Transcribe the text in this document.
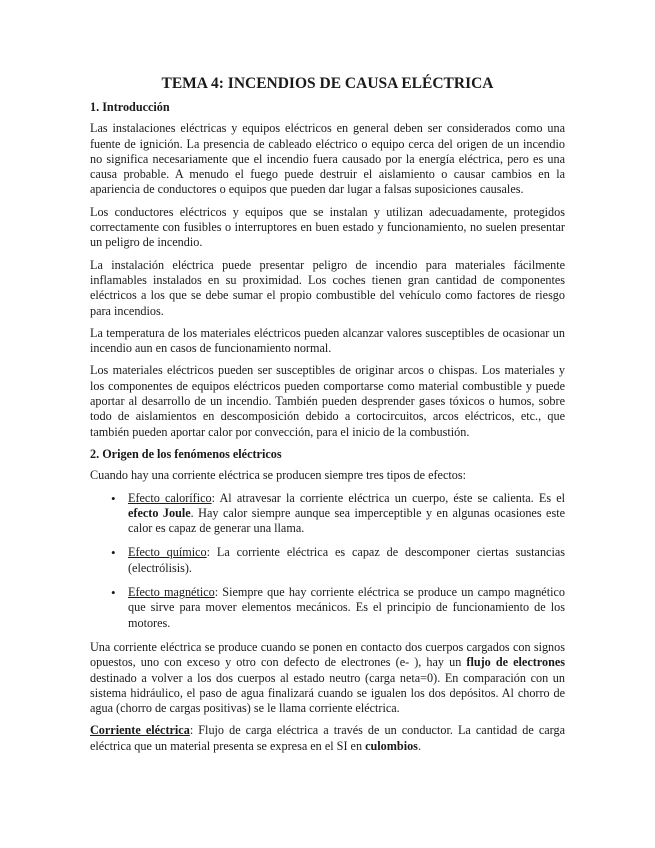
TEMA 4: INCENDIOS DE CAUSA ELÉCTRICA
1. Introducción

Las instalaciones eléctricas y equipos eléctricos en general deben ser considerados como una fuente de ignición. La presencia de cableado eléctrico o equipo cerca del origen de un incendio no significa necesariamente que el incendio fuera causado por la energía eléctrica, pero es una causa probable. A menudo el fuego puede destruir el aislamiento o causar cambios en la apariencia de conductores o equipos que pueden dar lugar a falsas suposiciones causales.

Los conductores eléctricos y equipos que se instalan y utilizan adecuadamente, protegidos correctamente con fusibles o interruptores en buen estado y funcionamiento, no suelen presentar un peligro de incendio.

La instalación eléctrica puede presentar peligro de incendio para materiales fácilmente inflamables instalados en su proximidad. Los coches tienen gran cantidad de componentes eléctricos a los que se debe sumar el propio combustible del vehículo como factores de riesgo para incendios.

La temperatura de los materiales eléctricos pueden alcanzar valores susceptibles de ocasionar un incendio aun en casos de funcionamiento normal.

Los materiales eléctricos pueden ser susceptibles de originar arcos o chispas. Los materiales y los componentes de equipos eléctricos pueden comportarse como material combustible y puede aportar al desarrollo de un incendio. También pueden desprender gases tóxicos o humos, sobre todo de aislamientos en descomposición debido a cortocircuitos, arcos eléctricos, etc., que también pueden aportar calor por convección, para el inicio de la combustión.

2. Origen de los fenómenos eléctricos

Cuando hay una corriente eléctrica se producen siempre tres tipos de efectos:

• Efecto calorífico: Al atravesar la corriente eléctrica un cuerpo, éste se calienta. Es el efecto Joule. Hay calor siempre aunque sea imperceptible y en algunas ocasiones este calor es capaz de generar una llama.
• Efecto químico: La corriente eléctrica es capaz de descomponer ciertas sustancias (electrólisis).
• Efecto magnético: Siempre que hay corriente eléctrica se produce un campo magnético que sirve para mover elementos mecánicos. Es el principio de funcionamiento de los motores.

Una corriente eléctrica se produce cuando se ponen en contacto dos cuerpos cargados con signos opuestos, uno con exceso y otro con defecto de electrones (e- ), hay un flujo de electrones destinado a volver a los dos cuerpos al estado neutro (carga neta=0). En comparación con un sistema hidráulico, el paso de agua finalizará cuando se igualen los dos depósitos. Al chorro de agua (chorro de cargas positivas) se le llama corriente eléctrica.

Corriente eléctrica: Flujo de carga eléctrica a través de un conductor. La cantidad de carga eléctrica que un material presenta se expresa en el SI en culombios.
